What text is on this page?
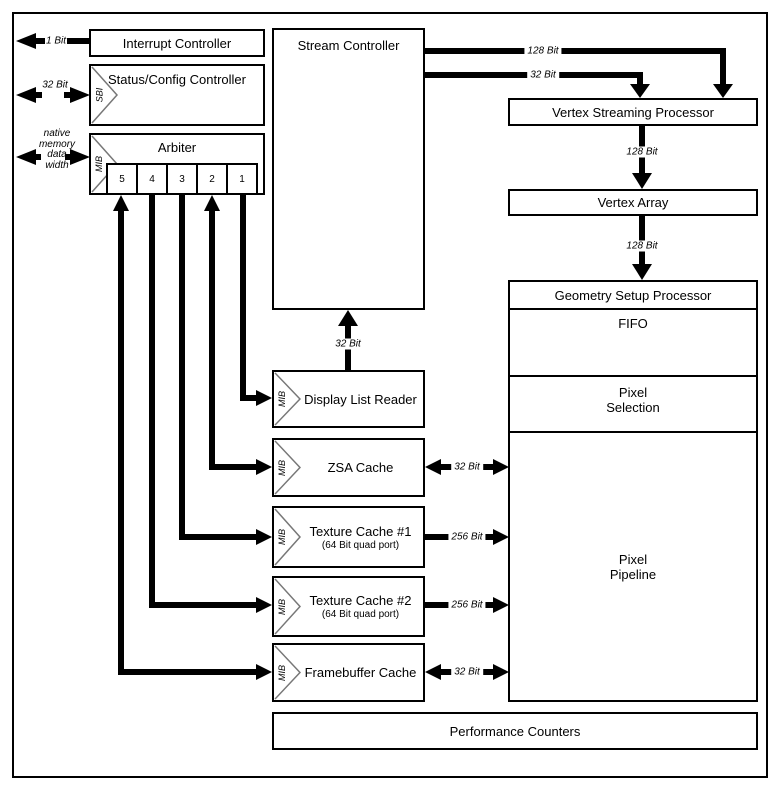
Interrupt Controller
SBI
Status/Config Controller
MIB
Arbiter
5	4	3	2	1
Stream Controller
Vertex Streaming Processor
Vertex Array
Geometry Setup Processor
FIFO
Pixel
Selection
Pixel
Pipeline
MIB	Display List Reader
MIB	ZSA Cache
MIB	Texture Cache #1
(64 Bit quad port)
MIB	Texture Cache #2
(64 Bit quad port)
MIB	Framebuffer Cache
Performance Counters
1 Bit
32 Bit
native
memory
data
width
128 Bit
32 Bit
128 Bit
128 Bit
32 Bit
32 Bit
256 Bit
256 Bit
32 Bit
